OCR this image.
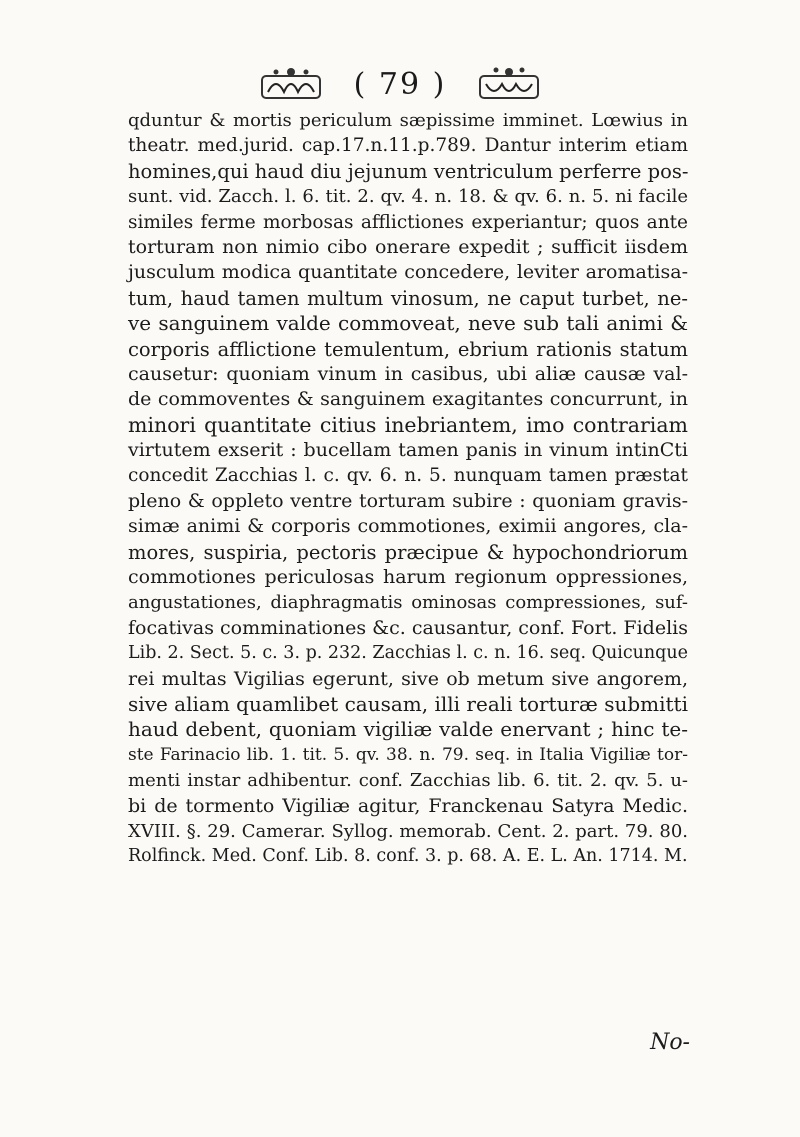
( 79 )
qduntur & mortis periculum sæpissime imminet. Lœwius in
theatr. med.jurid. cap.17.n.11.p.789. Dantur interim etiam
homines,qui haud diu jejunum ventriculum perferre pos-
sunt. vid. Zacch. l. 6. tit. 2. qv. 4. n. 18. & qv. 6. n. 5. ni facile
similes ferme morbosas afflictiones experiantur; quos ante
torturam non nimio cibo onerare expedit ; sufficit iisdem
jusculum modica quantitate concedere, leviter aromatisa-
tum, haud tamen multum vinosum, ne caput turbet, ne-
ve sanguinem valde commoveat, neve sub tali animi &
corporis afflictione temulentum, ebrium rationis statum
causetur: quoniam vinum in casibus, ubi aliæ causæ val-
de commoventes & sanguinem exagitantes concurrunt, in
minori quantitate citius inebriantem, imo contrariam
virtutem exserit : bucellam tamen panis in vinum intinCti
concedit Zacchias l. c. qv. 6. n. 5. nunquam tamen præstat
pleno & oppleto ventre torturam subire : quoniam gravis-
simæ animi & corporis commotiones, eximii angores, cla-
mores, suspiria, pectoris præcipue & hypochondriorum
commotiones periculosas harum regionum oppressiones,
angustationes, diaphragmatis ominosas compressiones, suf-
focativas comminationes &c. causantur, conf. Fort. Fidelis
Lib. 2. Sect. 5. c. 3. p. 232. Zacchias l. c. n. 16. seq. Quicunque
rei multas Vigilias egerunt, sive ob metum sive angorem,
sive aliam quamlibet causam, illi reali torturæ submitti
haud debent, quoniam vigiliæ valde enervant ; hinc te-
ste Farinacio lib. 1. tit. 5. qv. 38. n. 79. seq. in Italia Vigiliæ tor-
menti instar adhibentur. conf. Zacchias lib. 6. tit. 2. qv. 5. u-
bi de tormento Vigiliæ agitur, Franckenau Satyra Medic.
XVIII. §. 29. Camerar. Syllog. memorab. Cent. 2. part. 79. 80.
Rolfinck. Med. Conf. Lib. 8. conf. 3. p. 68. A. E. L. An. 1714. M.
No-
